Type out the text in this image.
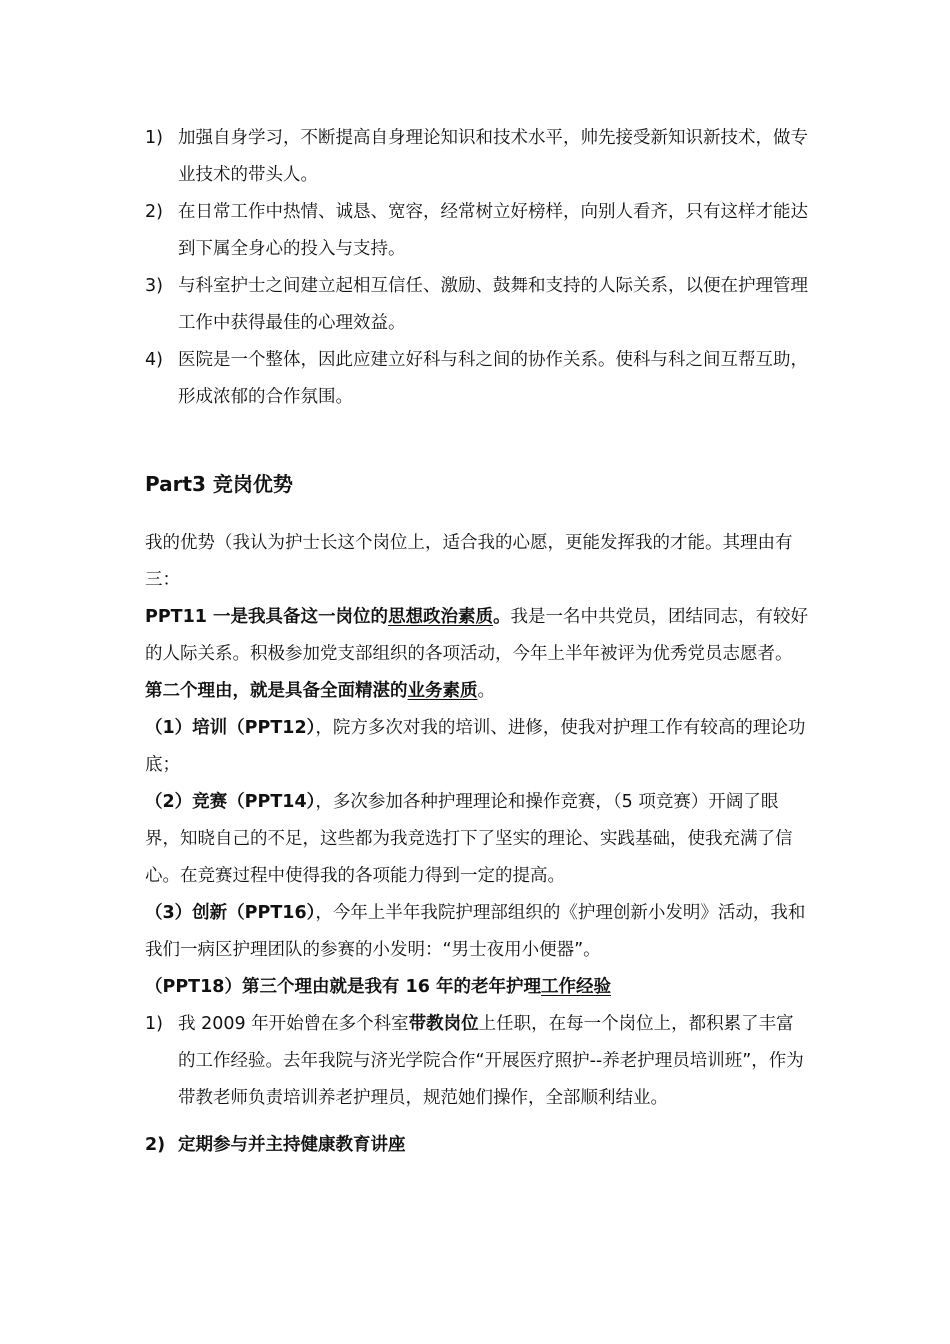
1) 加强自身学习，不断提高自身理论知识和技术水平，帅先接受新知识新技术，做专业技术的带头人。
2) 在日常工作中热情、诚恳、宽容，经常树立好榜样，向别人看齐，只有这样才能达到下属全身心的投入与支持。
3) 与科室护士之间建立起相互信任、激励、鼓舞和支持的人际关系，以便在护理管理工作中获得最佳的心理效益。
4) 医院是一个整体，因此应建立好科与科之间的协作关系。使科与科之间互帮互助，形成浓郁的合作氛围。
Part3 竞岗优势

我的优势（我认为护士长这个岗位上，适合我的心愿，更能发挥我的才能。其理由有三：

PPT11 一是我具备这一岗位的思想政治素质。我是一名中共党员，团结同志，有较好的人际关系。积极参加党支部组织的各项活动，今年上半年被评为优秀党员志愿者。

第二个理由，就是具备全面精湛的业务素质。

（1）培训（PPT12），院方多次对我的培训、进修，使我对护理工作有较高的理论功底；

（2）竞赛（PPT14），多次参加各种护理理论和操作竞赛，（5 项竞赛）开阔了眼界，知晓自己的不足，这些都为我竞选打下了坚实的理论、实践基础，使我充满了信心。在竞赛过程中使得我的各项能力得到一定的提高。

（3）创新（PPT16），今年上半年我院护理部组织的《护理创新小发明》活动，我和我们一病区护理团队的参赛的小发明：“男士夜用小便器”。

（PPT18）第三个理由就是我有 16 年的老年护理工作经验

1) 我 2009 年开始曾在多个科室带教岗位上任职，在每一个岗位上，都积累了丰富的工作经验。去年我院与济光学院合作“开展医疗照护--养老护理员培训班”，作为带教老师负责培训养老护理员，规范她们操作，全部顺利结业。
2) 定期参与并主持健康教育讲座
